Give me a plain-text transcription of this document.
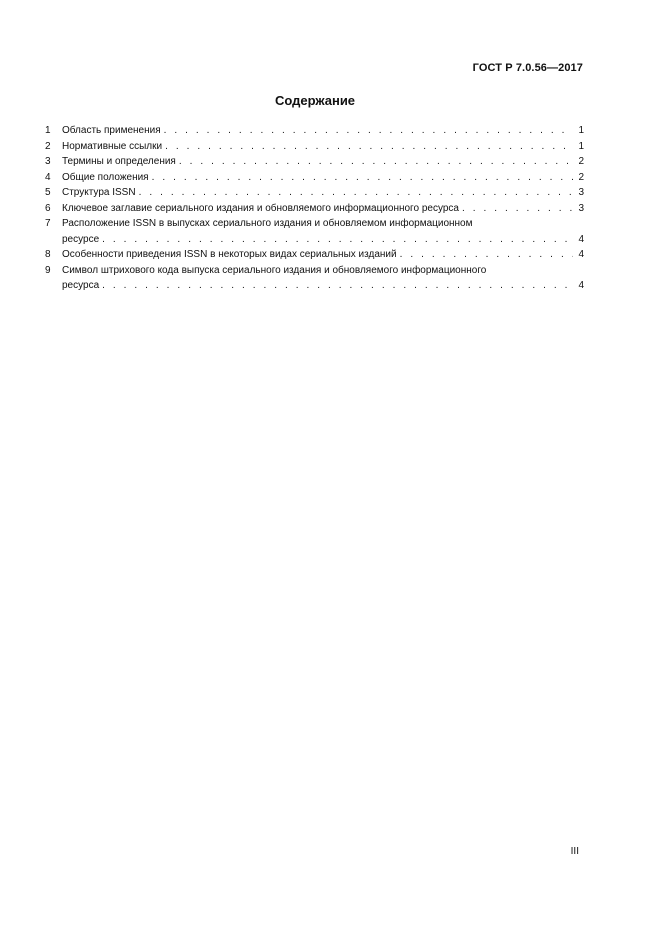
ГОСТ Р 7.0.56—2017
Содержание
1	Область применения . . .	1
2	Нормативные ссылки . . .	1
3	Термины и определения . . .	2
4	Общие положения . . .	2
5	Структура ISSN . . .	3
6	Ключевое заглавие сериального издания и обновляемого информационного ресурса . . .	3
7	Расположение ISSN в выпусках сериального издания и обновляемом информационном
ресурсе . . .	4
8	Особенности приведения ISSN в некоторых видах сериальных изданий . . .	4
9	Символ штрихового кода выпуска сериального издания и обновляемого информационного
ресурса . . .	4
III
